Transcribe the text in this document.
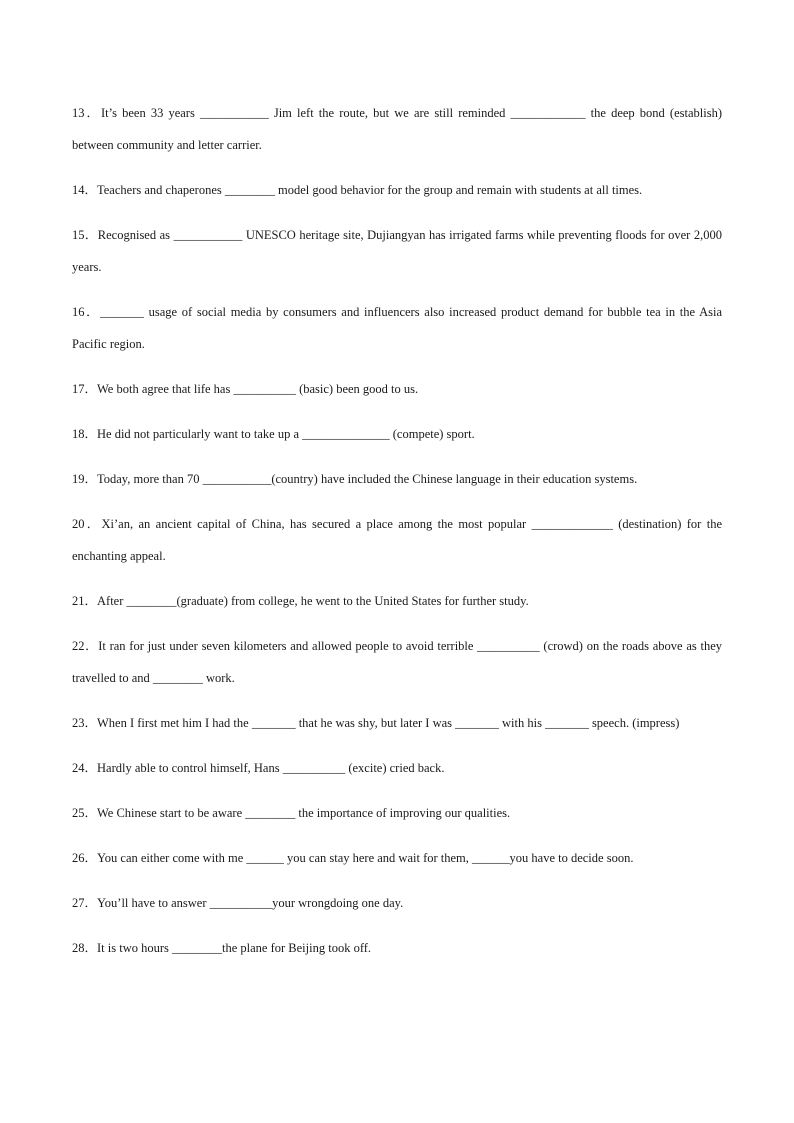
13．It’s been 33 years ___________ Jim left the route, but we are still reminded ____________ the deep bond (establish) between community and letter carrier.

14．Teachers and chaperones ________ model good behavior for the group and remain with students at all times.

15．Recognised as ___________ UNESCO heritage site, Dujiangyan has irrigated farms while preventing floods for over 2,000 years.

16．_______ usage of social media by consumers and influencers also increased product demand for bubble tea in the Asia Pacific region.

17．We both agree that life has __________ (basic) been good to us.

18．He did not particularly want to take up a ______________ (compete) sport.

19．Today, more than 70 ___________(country) have included the Chinese language in their education systems.

20．Xi’an, an ancient capital of China, has secured a place among the most popular _____________ (destination) for the enchanting appeal.

21．After ________(graduate) from college, he went to the United States for further study.

22．It ran for just under seven kilometers and allowed people to avoid terrible __________ (crowd) on the roads above as they travelled to and ________ work.

23．When I first met him I had the _______ that he was shy, but later I was _______ with his _______ speech. (impress)

24．Hardly able to control himself, Hans __________ (excite) cried back.

25．We Chinese start to be aware ________ the importance of improving our qualities.

26．You can either come with me ______ you can stay here and wait for them, ______you have to decide soon.

27．You’ll have to answer __________your wrongdoing one day.

28．It is two hours ________the plane for Beijing took off.
